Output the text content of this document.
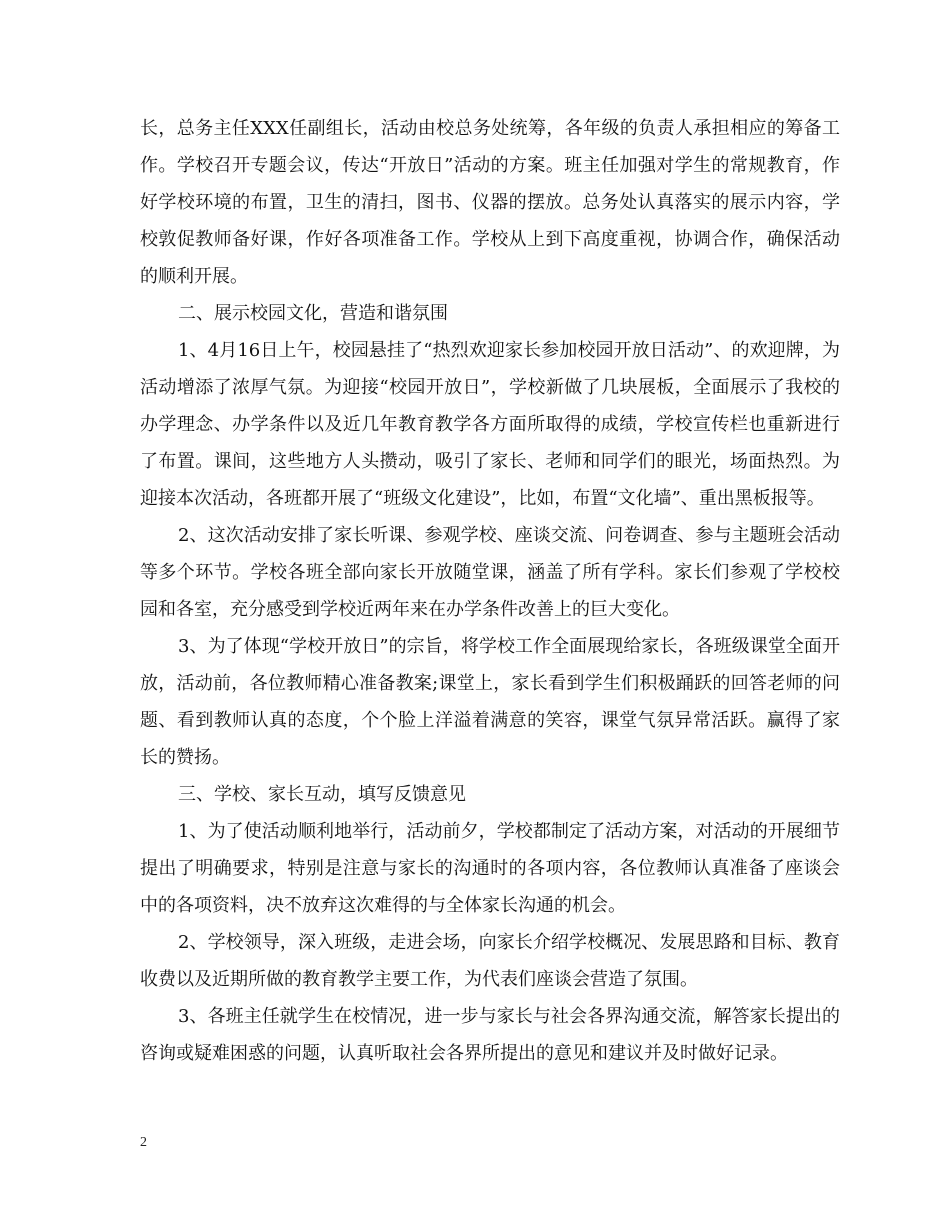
长，总务主任XXX任副组长，活动由校总务处统筹，各年级的负责人承担相应的筹备工作。学校召开专题会议，传达“开放日”活动的方案。班主任加强对学生的常规教育，作好学校环境的布置，卫生的清扫，图书、仪器的摆放。总务处认真落实的展示内容，学校敦促教师备好课，作好各项准备工作。学校从上到下高度重视，协调合作，确保活动的顺利开展。

二、展示校园文化，营造和谐氛围

1、4月16日上午，校园悬挂了“热烈欢迎家长参加校园开放日活动”、的欢迎牌，为活动增添了浓厚气氛。为迎接“校园开放日”，学校新做了几块展板，全面展示了我校的办学理念、办学条件以及近几年教育教学各方面所取得的成绩，学校宣传栏也重新进行了布置。课间，这些地方人头攒动，吸引了家长、老师和同学们的眼光，场面热烈。为迎接本次活动，各班都开展了“班级文化建设”，比如，布置“文化墙”、重出黑板报等。

2、这次活动安排了家长听课、参观学校、座谈交流、问卷调查、参与主题班会活动等多个环节。学校各班全部向家长开放随堂课，涵盖了所有学科。家长们参观了学校校园和各室，充分感受到学校近两年来在办学条件改善上的巨大变化。

3、为了体现“学校开放日”的宗旨，将学校工作全面展现给家长，各班级课堂全面开放，活动前，各位教师精心准备教案;课堂上，家长看到学生们积极踊跃的回答老师的问题、看到教师认真的态度，个个脸上洋溢着满意的笑容，课堂气氛异常活跃。赢得了家长的赞扬。

三、学校、家长互动，填写反馈意见

1、为了使活动顺利地举行，活动前夕，学校都制定了活动方案，对活动的开展细节提出了明确要求，特别是注意与家长的沟通时的各项内容，各位教师认真准备了座谈会中的各项资料，决不放弃这次难得的与全体家长沟通的机会。

2、学校领导，深入班级，走进会场，向家长介绍学校概况、发展思路和目标、教育收费以及近期所做的教育教学主要工作，为代表们座谈会营造了氛围。

3、各班主任就学生在校情况，进一步与家长与社会各界沟通交流，解答家长提出的咨询或疑难困惑的问题，认真听取社会各界所提出的意见和建议并及时做好记录。

2
